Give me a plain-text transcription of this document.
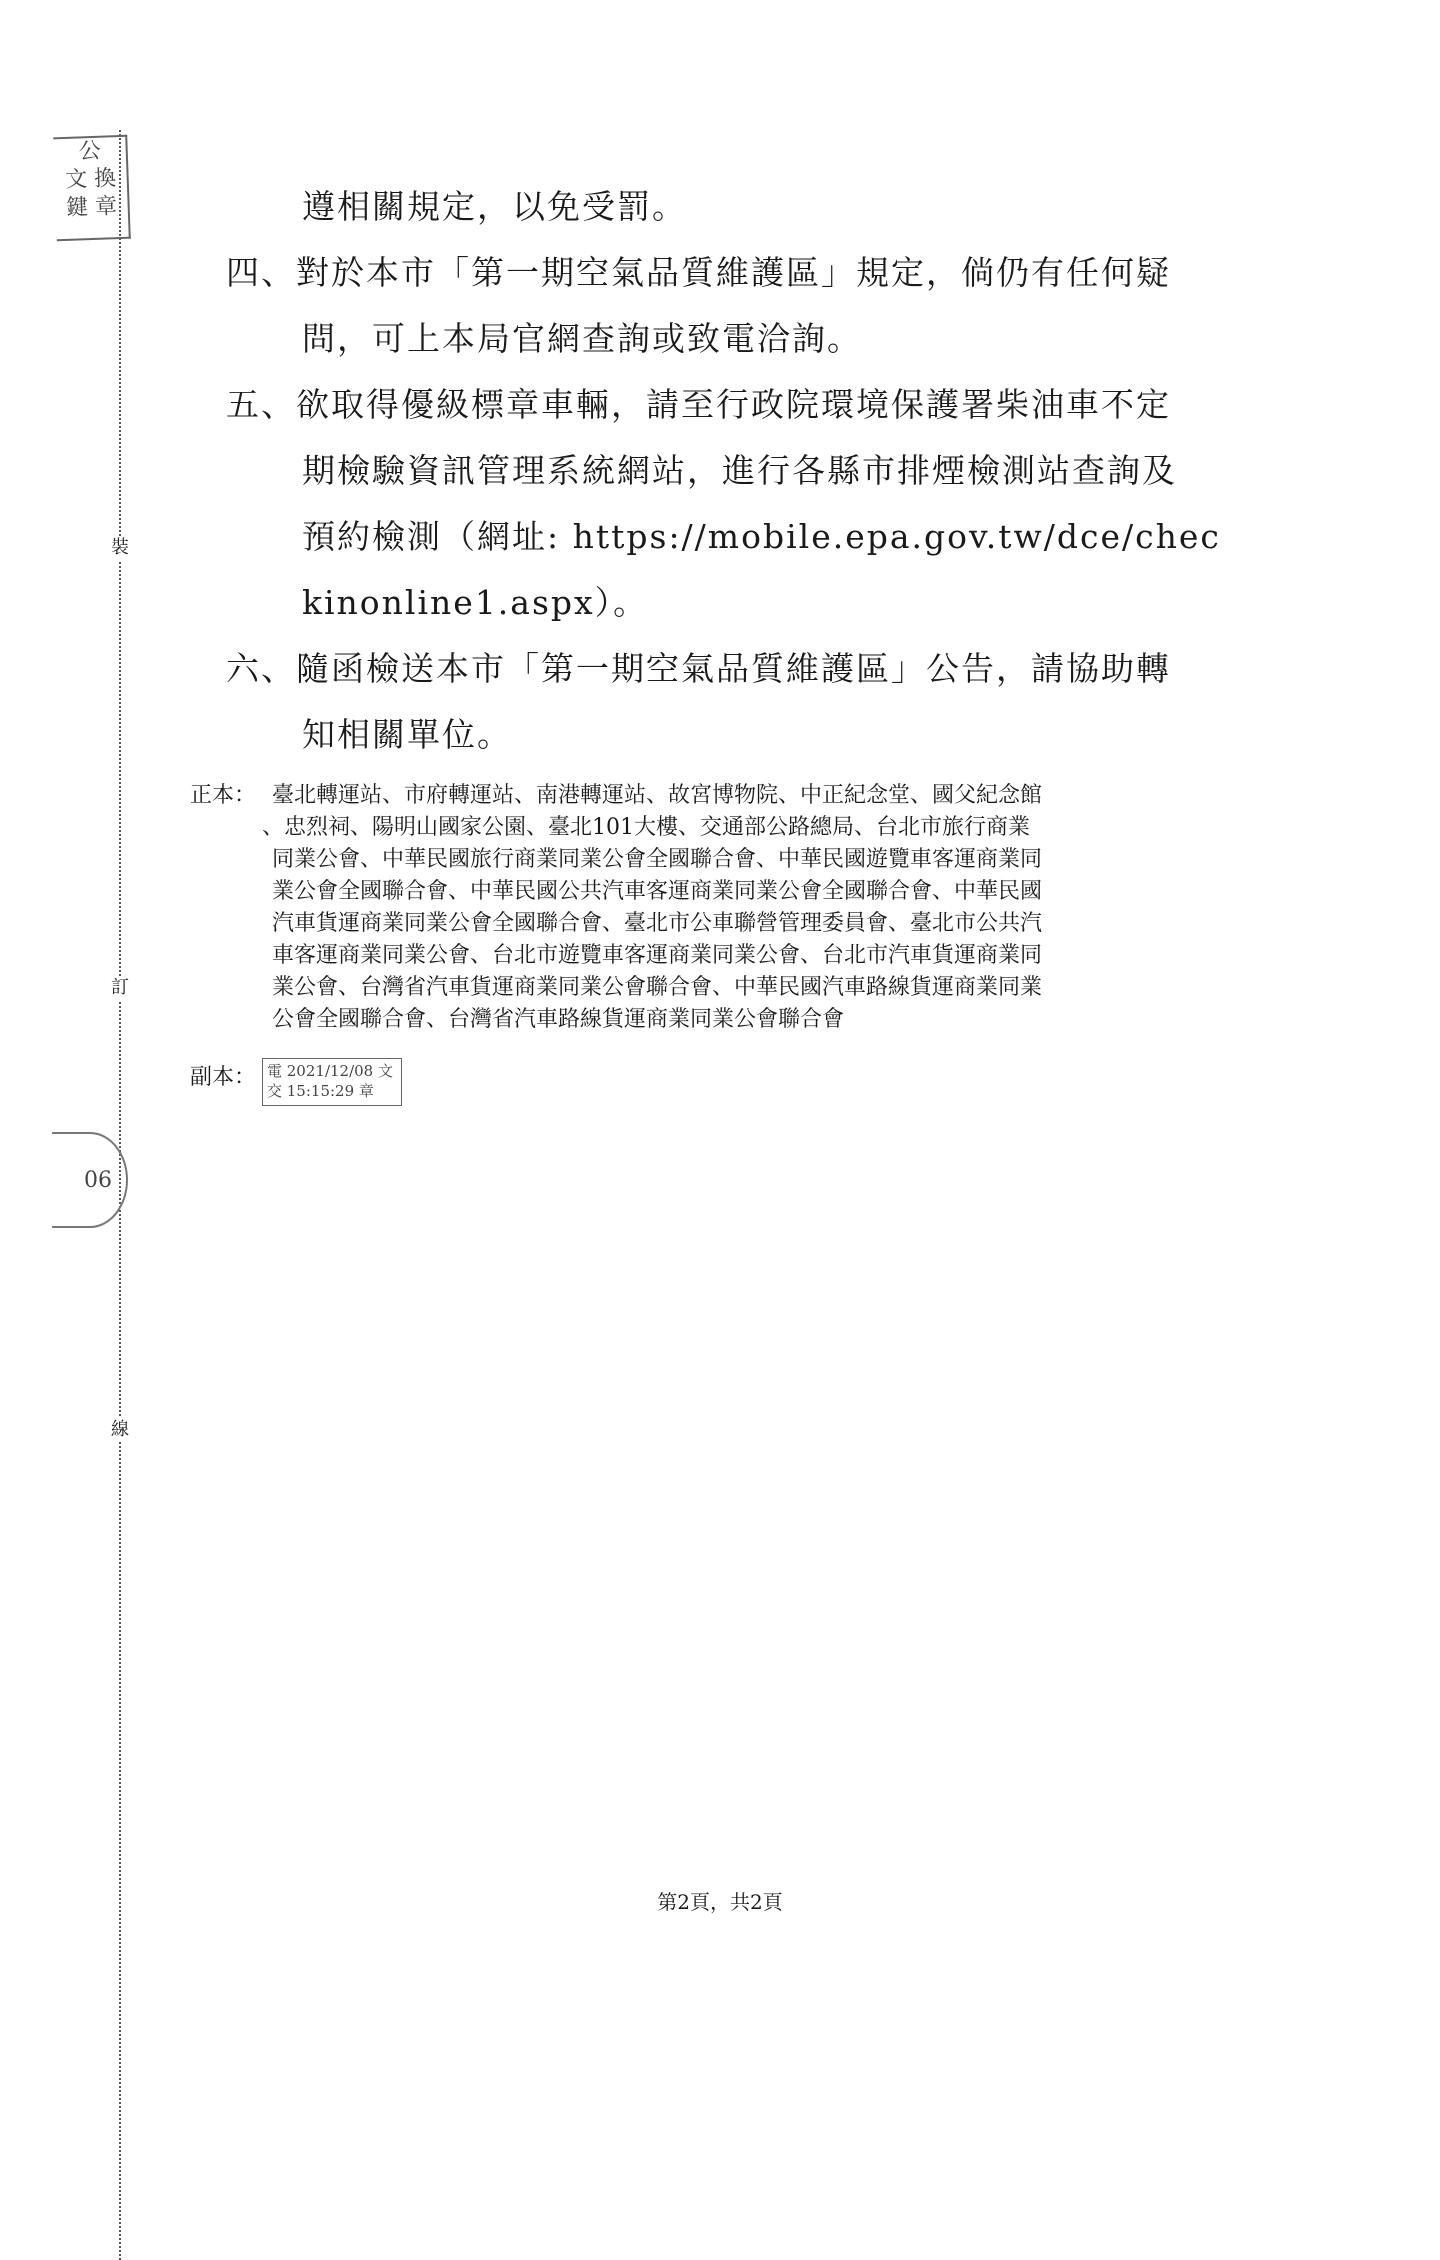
裝
訂
線
公
文 換
鍵 章
06
遵相關規定，以免受罰。
四、對於本市「第一期空氣品質維護區」規定，倘仍有任何疑
問，可上本局官網查詢或致電洽詢。
五、欲取得優級標章車輛，請至行政院環境保護署柴油車不定
期檢驗資訊管理系統網站，進行各縣市排煙檢測站查詢及
預約檢測（網址: https://mobile.epa.gov.tw/dce/chec
kinonline1.aspx）。
六、隨函檢送本市「第一期空氣品質維護區」公告，請協助轉
知相關單位。
正本： 臺北轉運站、市府轉運站、南港轉運站、故宮博物院、中正紀念堂、國父紀念館
、忠烈祠、陽明山國家公園、臺北101大樓、交通部公路總局、台北市旅行商業
同業公會、中華民國旅行商業同業公會全國聯合會、中華民國遊覽車客運商業同
業公會全國聯合會、中華民國公共汽車客運商業同業公會全國聯合會、中華民國
汽車貨運商業同業公會全國聯合會、臺北市公車聯營管理委員會、臺北市公共汽
車客運商業同業公會、台北市遊覽車客運商業同業公會、台北市汽車貨運商業同
業公會、台灣省汽車貨運商業同業公會聯合會、中華民國汽車路線貨運商業同業
公會全國聯合會、台灣省汽車路線貨運商業同業公會聯合會
副本： 電 2021/12/08 文
交 15:15:29 章
第2頁，共2頁
